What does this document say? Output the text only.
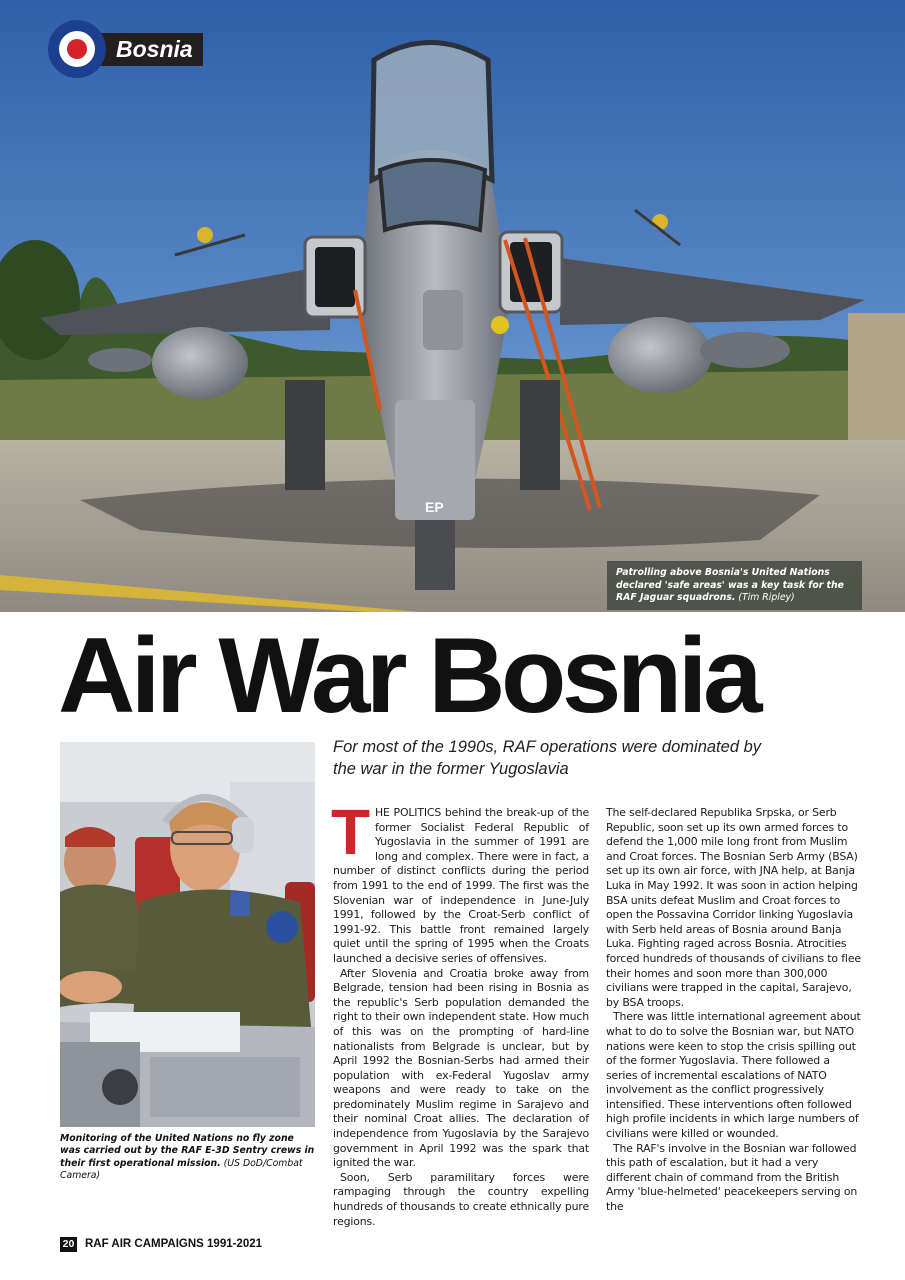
EP
Bosnia
Patrolling above Bosnia's United Nations declared 'safe areas' was a key task for the RAF Jaguar squadrons. (Tim Ripley)
Air War Bosnia
For most of the 1990s, RAF operations were dominated by the war in the former Yugoslavia
Monitoring of the United Nations no fly zone was carried out by the RAF E-3D Sentry crews in their first operational mission. (US DoD/Combat Camera)

THE POLITICS behind the break-up of the former Socialist Federal Republic of Yugoslavia in the summer of 1991 are long and complex. There were in fact, a number of distinct conflicts during the period from 1991 to the end of 1999. The first was the Slovenian war of independence in June-July 1991, followed by the Croat-Serb conflict of 1991-92. This battle front remained largely quiet until the spring of 1995 when the Croats launched a decisive series of offensives.

After Slovenia and Croatia broke away from Belgrade, tension had been rising in Bosnia as the republic's Serb population demanded the right to their own independent state. How much of this was on the prompting of hard-line nationalists from Belgrade is unclear, but by April 1992 the Bosnian-Serbs had armed their population with ex-Federal Yugoslav army weapons and were ready to take on the predominately Muslim regime in Sarajevo and their nominal Croat allies. The declaration of independence from Yugoslavia by the Sarajevo government in April 1992 was the spark that ignited the war.

Soon, Serb paramilitary forces were rampaging through the country expelling hundreds of thousands to create ethnically pure regions.

The self-declared Republika Srpska, or Serb Republic, soon set up its own armed forces to defend the 1,000 mile long front from Muslim and Croat forces. The Bosnian Serb Army (BSA) set up its own air force, with JNA help, at Banja Luka in May 1992. It was soon in action helping BSA units defeat Muslim and Croat forces to open the Possavina Corridor linking Yugoslavia with Serb held areas of Bosnia around Banja Luka. Fighting raged across Bosnia. Atrocities forced hundreds of thousands of civilians to flee their homes and soon more than 300,000 civilians were trapped in the capital, Sarajevo, by BSA troops.

There was little international agreement about what to do to solve the Bosnian war, but NATO nations were keen to stop the crisis spilling out of the former Yugoslavia. There followed a series of incremental escalations of NATO involvement as the conflict progressively intensified. These interventions often followed high profile incidents in which large numbers of civilians were killed or wounded.

The RAF's involve in the Bosnian war followed this path of escalation, but it had a very different chain of command from the British Army 'blue-helmeted' peacekeepers serving on the

20 RAF AIR CAMPAIGNS 1991-2021
